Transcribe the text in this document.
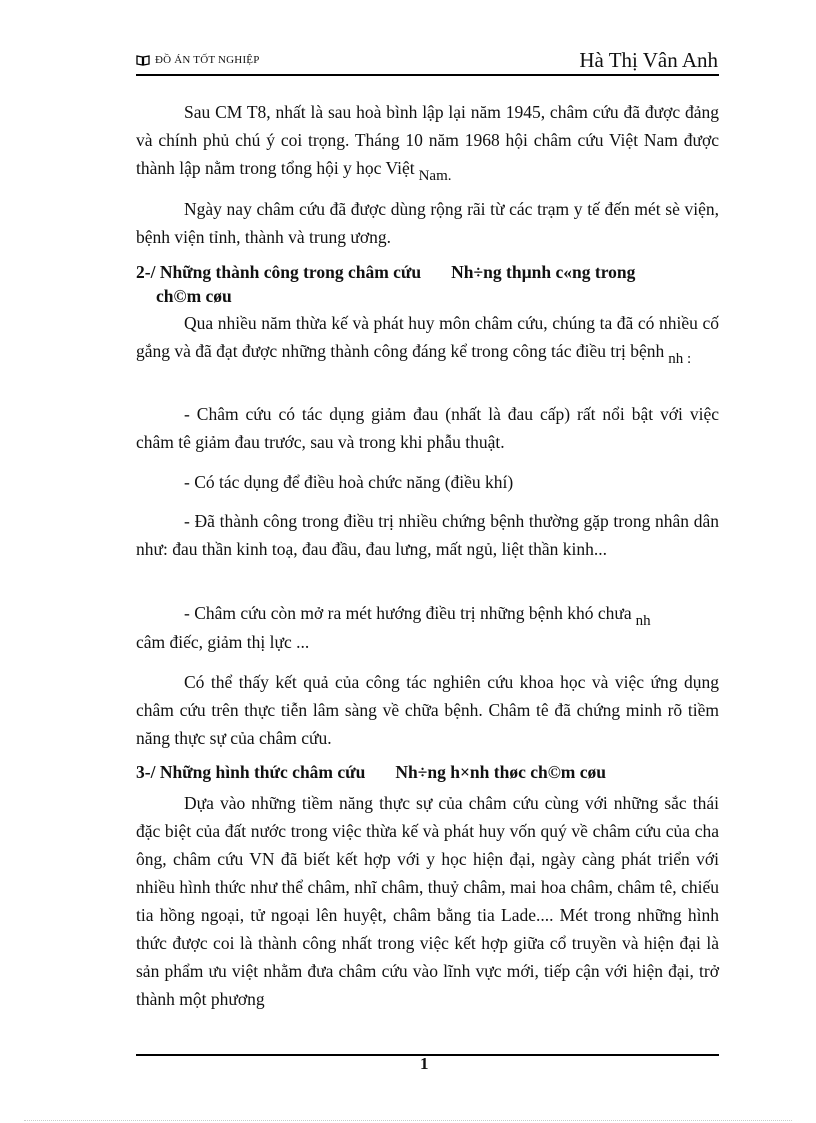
ĐỒ ÁN TỐT NGHIỆP	Hà Thị Vân Anh

Sau CM T8, nhất là sau hoà bình lập lại năm 1945, châm cứu đã được đảng và chính phủ chú ý coi trọng. Tháng 10 năm 1968 hội châm cứu Việt Nam được thành lập nằm trong tổng hội y học Việt Nam.

Ngày nay châm cứu đã được dùng rộng rãi từ các trạm y tế đến mét sè viện, bệnh viện tỉnh, thành và trung ương.

2-/ Những thành công trong châm cứu Nh÷ng thµnh c«ng trong
ch©m cøu

Qua nhiều năm thừa kế và phát huy môn châm cứu, chúng ta đã có nhiều cố gắng và đã đạt được những thành công đáng kể trong công tác điều trị bệnh nh :

- Châm cứu có tác dụng giảm đau (nhất là đau cấp) rất nổi bật với việc châm tê giảm đau trước, sau và trong khi phẫu thuật.

- Có tác dụng để điều hoà chức năng (điều khí)

- Đã thành công trong điều trị nhiều chứng bệnh thường gặp trong nhân dân như: đau thần kinh toạ, đau đầu, đau lưng, mất ngủ, liệt thần kinh...

- Châm cứu còn mở ra mét hướng điều trị những bệnh khó chưa nh

câm điếc, giảm thị lực ...

Có thể thấy kết quả của công tác nghiên cứu khoa học và việc ứng dụng châm cứu trên thực tiễn lâm sàng về chữa bệnh. Châm tê đã chứng minh rõ tiềm năng thực sự của châm cứu.

3-/ Những hình thức châm cứu Nh÷ng h×nh thøc ch©m cøu

Dựa vào những tiềm năng thực sự của châm cứu cùng với những sắc thái đặc biệt của đất nước trong việc thừa kế và phát huy vốn quý về châm cứu của cha ông, châm cứu VN đã biết kết hợp với y học hiện đại, ngày càng phát triển với nhiều hình thức như thể châm, nhĩ châm, thuỷ châm, mai hoa châm, châm tê, chiếu tia hồng ngoại, tử ngoại lên huyệt, châm bằng tia Lade.... Mét trong những hình thức được coi là thành công nhất trong việc kết hợp giữa cổ truyền và hiện đại là sản phẩm ưu việt nhằm đưa châm cứu vào lĩnh vực mới, tiếp cận với hiện đại, trở thành một phương

1
